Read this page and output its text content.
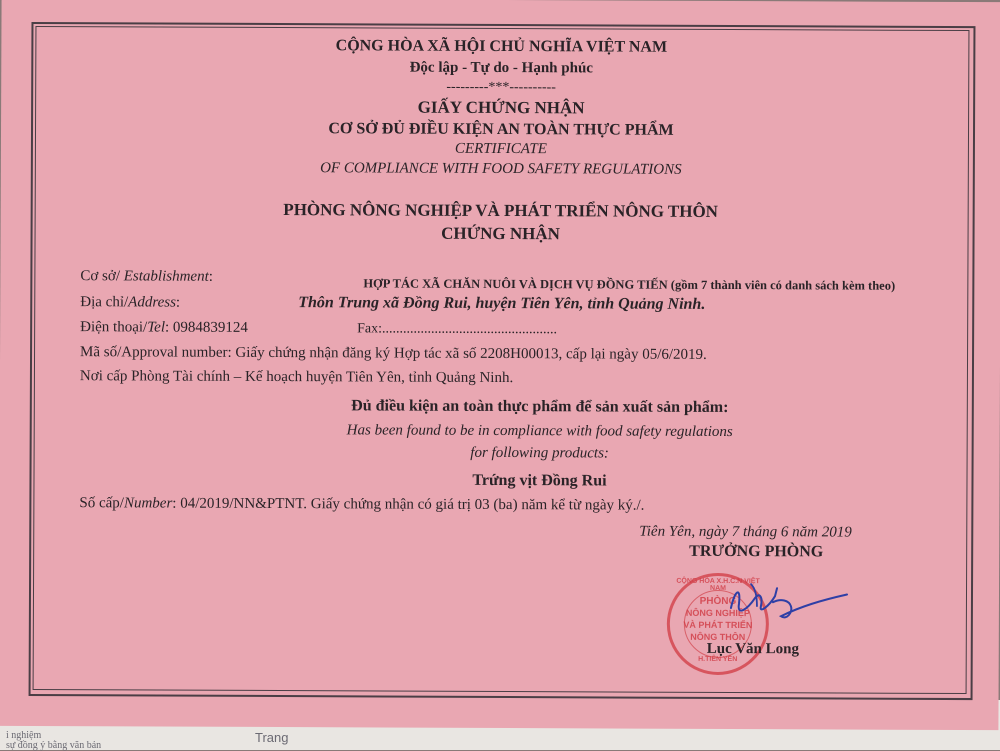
i nghiệm
sự đồng ý bằng văn bản
Trang
CỘNG HÒA XÃ HỘI CHỦ NGHĨA VIỆT NAM
Độc lập - Tự do - Hạnh phúc
---------***----------
GIẤY CHỨNG NHẬN
CƠ SỞ ĐỦ ĐIỀU KIỆN AN TOÀN THỰC PHẨM
CERTIFICATE
OF COMPLIANCE WITH FOOD SAFETY REGULATIONS
PHÒNG NÔNG NGHIỆP VÀ PHÁT TRIỂN NÔNG THÔN
CHỨNG NHẬN
Cơ sở/ Establishment:	HỢP TÁC XÃ CHĂN NUÔI VÀ DỊCH VỤ ĐỒNG TIẾN (gồm 7 thành viên có danh sách kèm theo)
Địa chỉ/Address:	Thôn Trung xã Đồng Rui, huyện Tiên Yên, tỉnh Quảng Ninh.
Điện thoại/Tel: 0984839124	Fax:..................................................
Mã số/Approval number: Giấy chứng nhận đăng ký Hợp tác xã số 2208H00013, cấp lại ngày 05/6/2019.
Nơi cấp Phòng Tài chính – Kế hoạch huyện Tiên Yên, tỉnh Quảng Ninh.
Đủ điều kiện an toàn thực phẩm để sản xuất sản phẩm:
Has been found to be in compliance with food safety regulations
for following products:
Trứng vịt Đồng Rui
Số cấp/Number: 04/2019/NN&PTNT. Giấy chứng nhận có giá trị 03 (ba) năm kể từ ngày ký./.
Tiên Yên, ngày 7 tháng 6 năm 2019
TRƯỞNG PHÒNG
CỘNG HÒA X.H.C.N VIỆT NAM
PHÒNG
NÔNG NGHIỆP
VÀ PHÁT TRIỂN
NÔNG THÔN
H.TIÊN YÊN
Lục Văn Long
